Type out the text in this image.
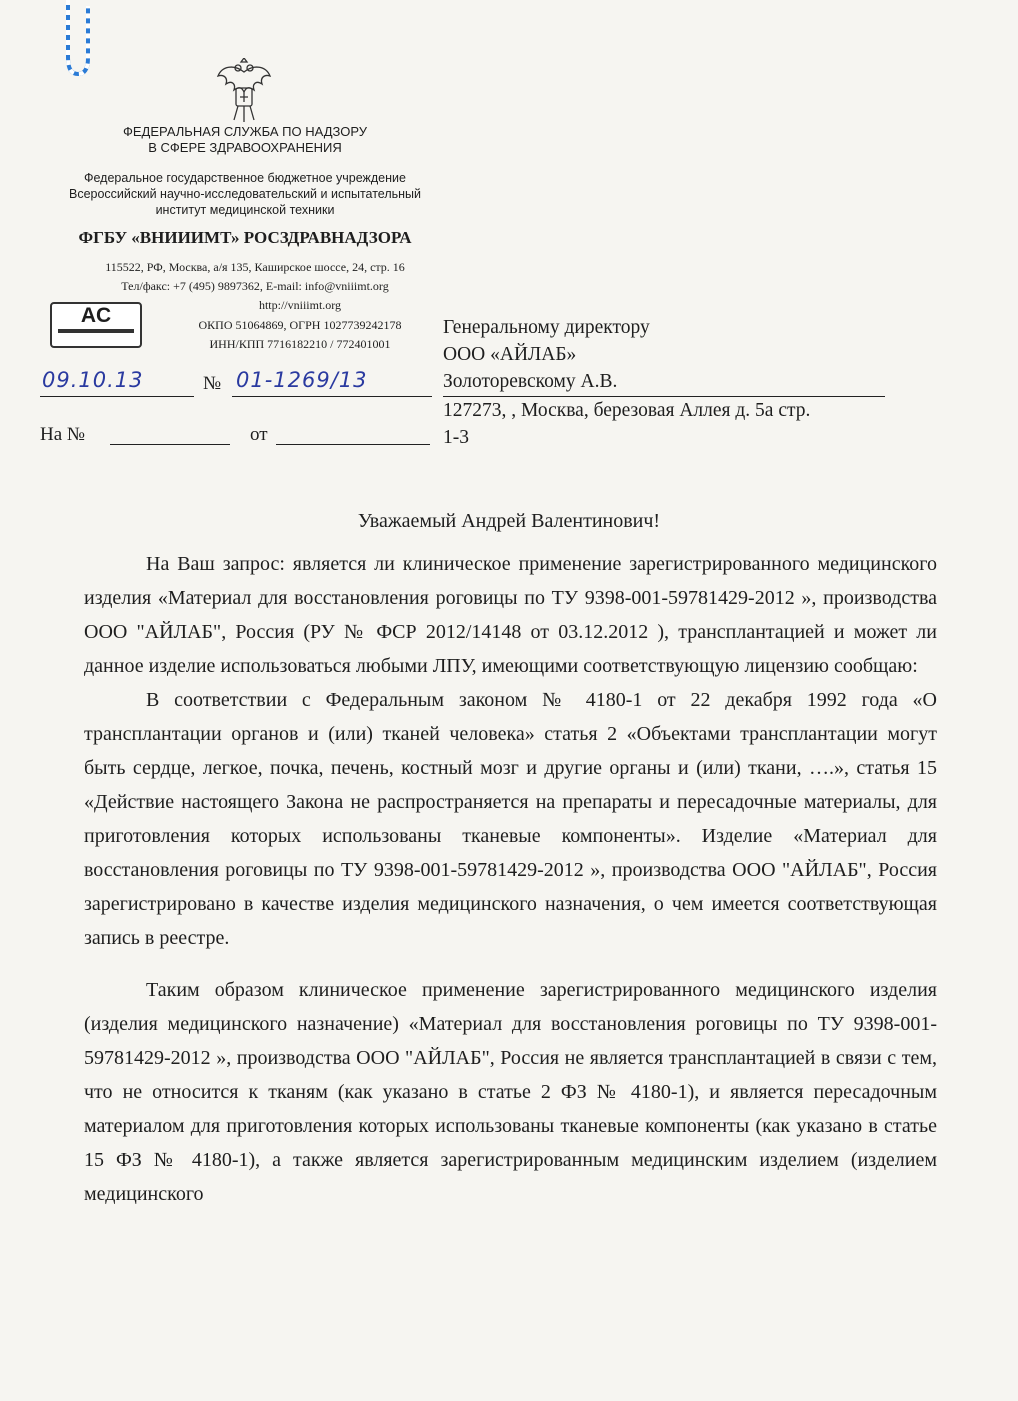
ФЕДЕРАЛЬНАЯ СЛУЖБА ПО НАДЗОРУ
В СФЕРЕ ЗДРАВООХРАНЕНИЯ
Федеральное государственное бюджетное учреждение
Всероссийский научно-исследовательский и испытательный
институт медицинской техники
ФГБУ «ВНИИИМТ» РОСЗДРАВНАДЗОРА
115522, РФ, Москва, а/я 135, Каширское шоссе, 24, стр. 16
Тел/факс: +7 (495) 9897362, E-mail: info@vniiimt.org
http://vniiimt.org
ОКПО 51064869, ОГРН 1027739242178
ИНН/КПП 7716182210 / 772401001
AC

09.10.13	№ 01-1269/13
На №	от
Генеральному директору
ООО «АЙЛАБ»
Золоторевскому А.В.
127273, , Москва, березовая Аллея д. 5а стр.
1-3
Уважаемый Андрей Валентинович!

На Ваш запрос: является ли клиническое применение зарегистрированного медицинского изделия «Материал для восстановления роговицы по ТУ 9398-001-59781429-2012 », производства ООО "АЙЛАБ", Россия (РУ № ФСР 2012/14148 от 03.12.2012 ), трансплантацией и может ли данное изделие использоваться любыми ЛПУ, имеющими соответствующую лицензию сообщаю:

В соответствии с Федеральным законом № 4180-1 от 22 декабря 1992 года «О трансплантации органов и (или) тканей человека» статья 2 «Объектами трансплантации могут быть сердце, легкое, почка, печень, костный мозг и другие органы и (или) ткани, ….», статья 15 «Действие настоящего Закона не распространяется на препараты и пересадочные материалы, для приготовления которых использованы тканевые компоненты». Изделие «Материал для восстановления роговицы по ТУ 9398-001-59781429-2012 », производства ООО "АЙЛАБ", Россия зарегистрировано в качестве изделия медицинского назначения, о чем имеется соответствующая запись в реестре.

Таким образом клиническое применение зарегистрированного медицинского изделия (изделия медицинского назначение) «Материал для восстановления роговицы по ТУ 9398-001-59781429-2012 », производства ООО "АЙЛАБ", Россия не является трансплантацией в связи с тем, что не относится к тканям (как указано в статье 2 ФЗ № 4180-1), и является пересадочным материалом для приготовления которых использованы тканевые компоненты (как указано в статье 15 ФЗ № 4180-1), а также является зарегистрированным медицинским изделием (изделием медицинского
